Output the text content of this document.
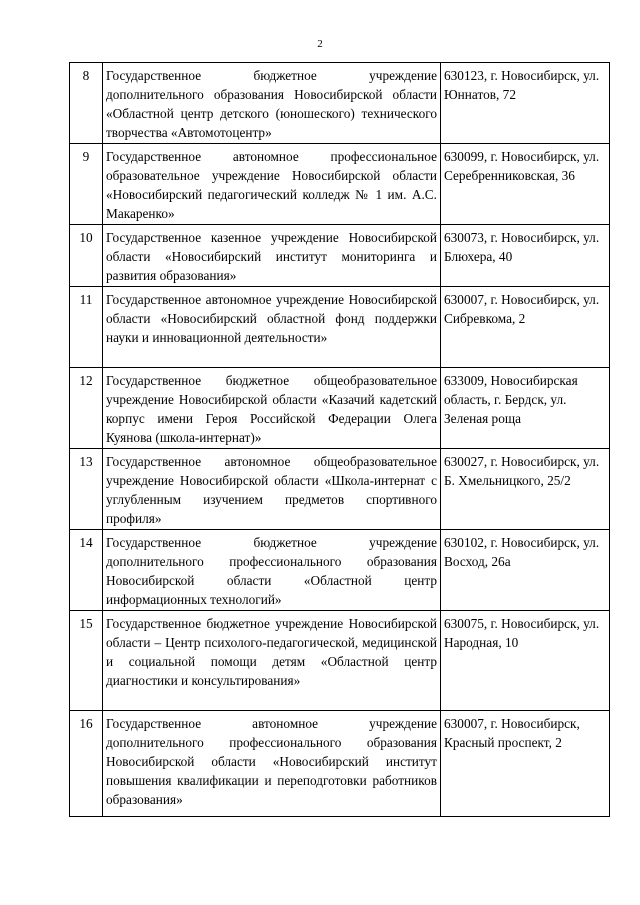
2
8	Государственное бюджетное учреждение дополнительного образования Новосибирской области «Областной центр детского (юношеского) технического творчества «Автомотоцентр»	630123, г. Новосибирск, ул. Юннатов, 72
9	Государственное автономное профессиональное образовательное учреждение Новосибирской области «Новосибирский педагогический колледж № 1 им. А.С. Макаренко»	630099, г. Новосибирск, ул. Серебренниковская, 36
10	Государственное казенное учреждение Новосибирской области «Новосибирский институт мониторинга и развития образования»	630073, г. Новосибирск, ул. Блюхера, 40
11	Государственное автономное учреждение Новосибирской области «Новосибирский областной фонд поддержки науки и инновационной деятельности»	630007, г. Новосибирск, ул. Сибревкома, 2
12	Государственное бюджетное общеобразовательное учреждение Новосибирской области «Казачий кадетский корпус имени Героя Российской Федерации Олега Куянова (школа-интернат)»	633009, Новосибирская область, г. Бердск, ул. Зеленая роща
13	Государственное автономное общеобразовательное учреждение Новосибирской области «Школа-интернат с углубленным изучением предметов спортивного профиля»	630027, г. Новосибирск, ул. Б. Хмельницкого, 25/2
14	Государственное бюджетное учреждение дополнительного профессионального образования Новосибирской области «Областной центр информационных технологий»	630102, г. Новосибирск, ул. Восход, 26а
15	Государственное бюджетное учреждение Новосибирской области – Центр психолого-педагогической, медицинской и социальной помощи детям «Областной центр диагностики и консультирования»	630075, г. Новосибирск, ул. Народная, 10
16	Государственное автономное учреждение дополнительного профессионального образования Новосибирской области «Новосибирский институт повышения квалификации и переподготовки работников образования»	630007, г. Новосибирск, Красный проспект, 2
